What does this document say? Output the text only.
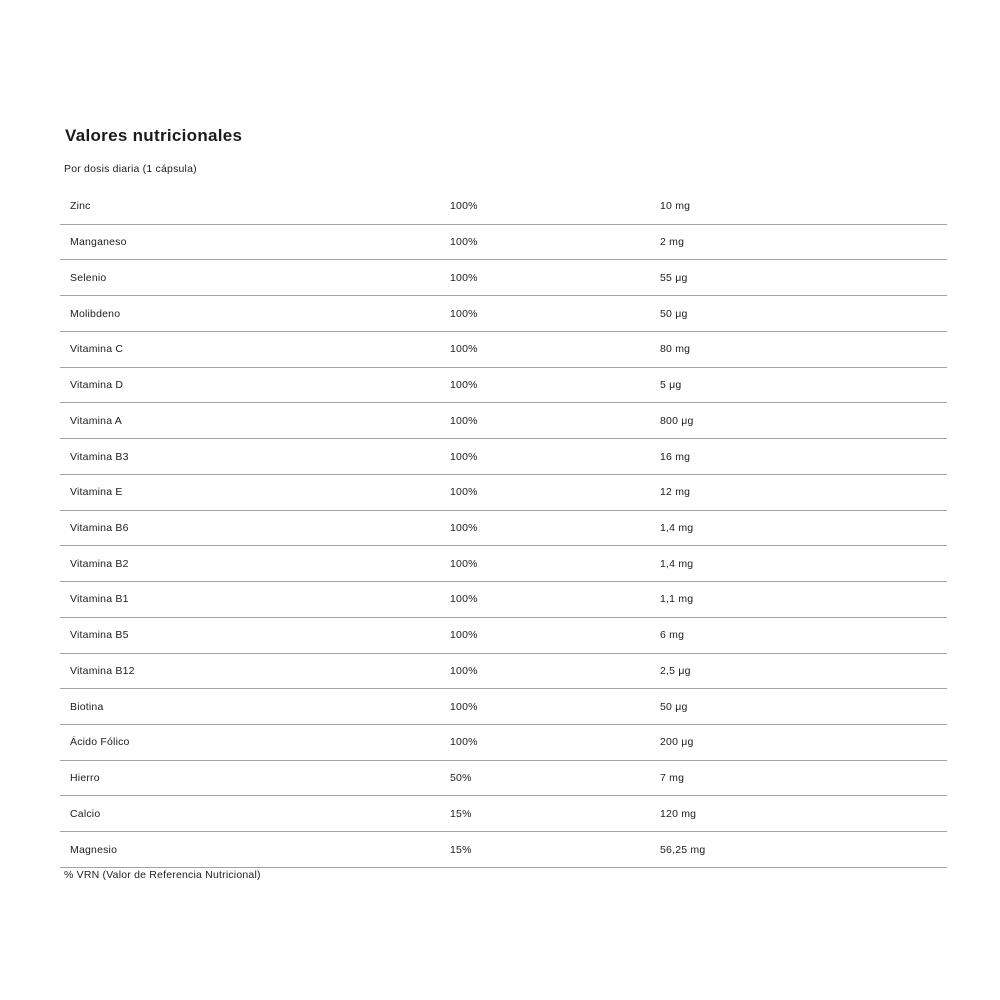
Valores nutricionales
Por dosis diaria (1 cápsula)
Zinc	100%	10 mg
Manganeso	100%	2 mg
Selenio	100%	55 μg
Molibdeno	100%	50 μg
Vitamina C	100%	80 mg
Vitamina D	100%	5 μg
Vitamina A	100%	800 μg
Vitamina B3	100%	16 mg
Vitamina E	100%	12 mg
Vitamina B6	100%	1,4 mg
Vitamina B2	100%	1,4 mg
Vitamina B1	100%	1,1 mg
Vitamina B5	100%	6 mg
Vitamina B12	100%	2,5 μg
Biotina	100%	50 μg
Ácido Fólico	100%	200 μg
Hierro	50%	7 mg
Calcio	15%	120 mg
Magnesio	15%	56,25 mg
% VRN (Valor de Referencia Nutricional)
